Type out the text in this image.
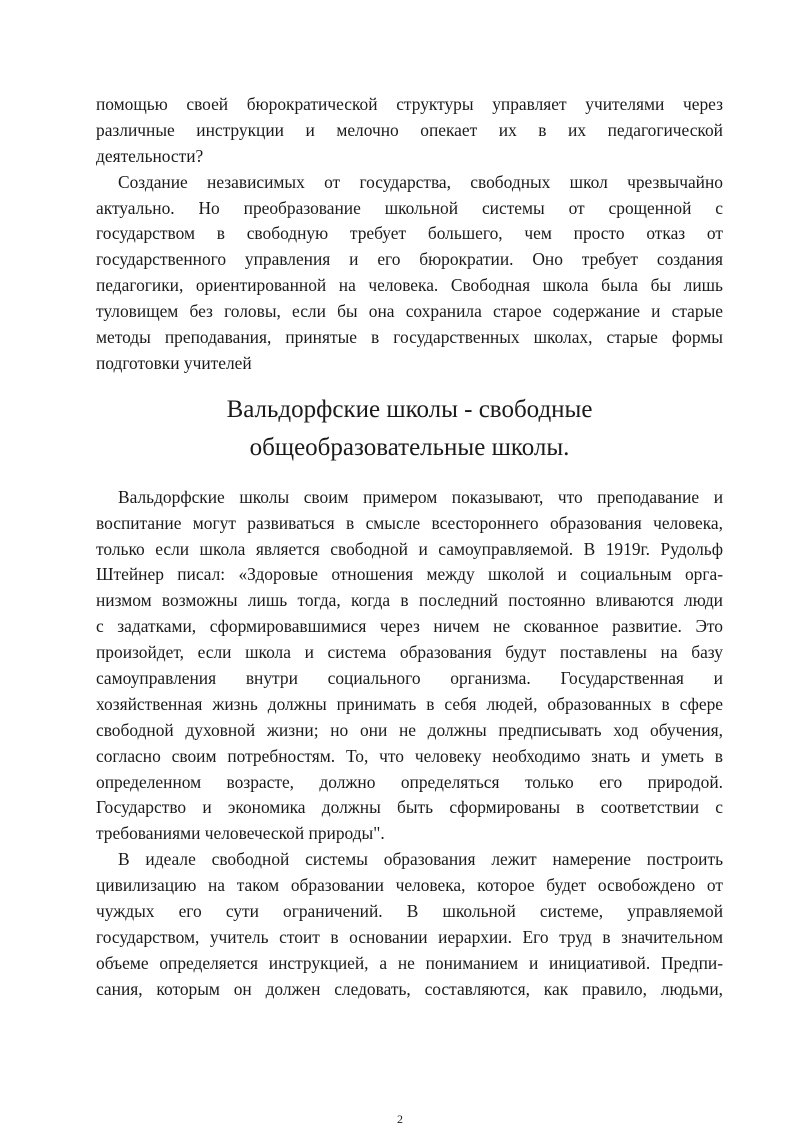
помощью своей бюрократической структуры управляет учителями через
различные инструкции и мелочно опекает их в их педагогической
деятельности?
Создание независимых от государства, свободных школ чрезвычайно
актуально. Но преобразование школьной системы от срощенной с
государством в свободную требует большего, чем просто отказ от
государственного управления и его бюрократии. Оно требует создания
педагогики, ориентированной на человека. Свободная школа была бы лишь
туловищем без головы, если бы она сохранила старое содержание и старые
методы преподавания, принятые в государственных школах, старые формы
подготовки учителей
Вальдорфские школы - свободные
общеобразовательные школы.
Вальдорфские школы своим примером показывают, что преподавание и
воспитание могут развиваться в смысле всестороннего образования человека,
только если школа является свободной и самоуправляемой. В 1919г. Рудольф
Штейнер писал: «Здоровые отношения между школой и социальным орга-
низмом возможны лишь тогда, когда в последний постоянно вливаются люди
с задатками, сформировавшимися через ничем не скованное развитие. Это
произойдет, если школа и система образования будут поставлены на базу
самоуправления внутри социального организма. Государственная и
хозяйственная жизнь должны принимать в себя людей, образованных в сфере
свободной духовной жизни; но они не должны предписывать ход обучения,
согласно своим потребностям. То, что человеку необходимо знать и уметь в
определенном возрасте, должно определяться только его природой.
Государство и экономика должны быть сформированы в соответствии с
требованиями человеческой природы".
В идеале свободной системы образования лежит намерение построить
цивилизацию на таком образовании человека, которое будет освобождено от
чуждых его сути ограничений. В школьной системе, управляемой
государством, учитель стоит в основании иерархии. Его труд в значительном
объеме определяется инструкцией, а не пониманием и инициативой. Предпи-
сания, которым он должен следовать, составляются, как правило, людьми,
2
